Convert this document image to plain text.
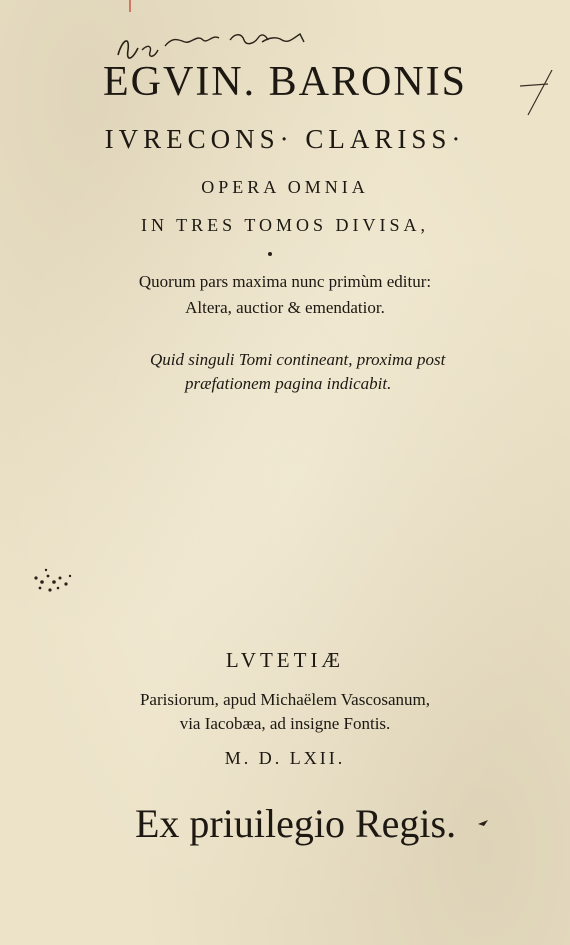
EGVIN. BARONIS
IVRECONS· CLARISS·
OPERA OMNIA
IN TRES TOMOS DIVISA,
Quorum pars maxima nunc primùm editur:
Altera, auctior & emendatior.
Quid singuli Tomi contineant, proxima post
præfationem pagina indicabit.
LVTETIÆ
Parisiorum, apud Michaëlem Vascosanum,
via Iacobæa, ad insigne Fontis.
M. D. LXII.
Ex priuilegio Regis.
